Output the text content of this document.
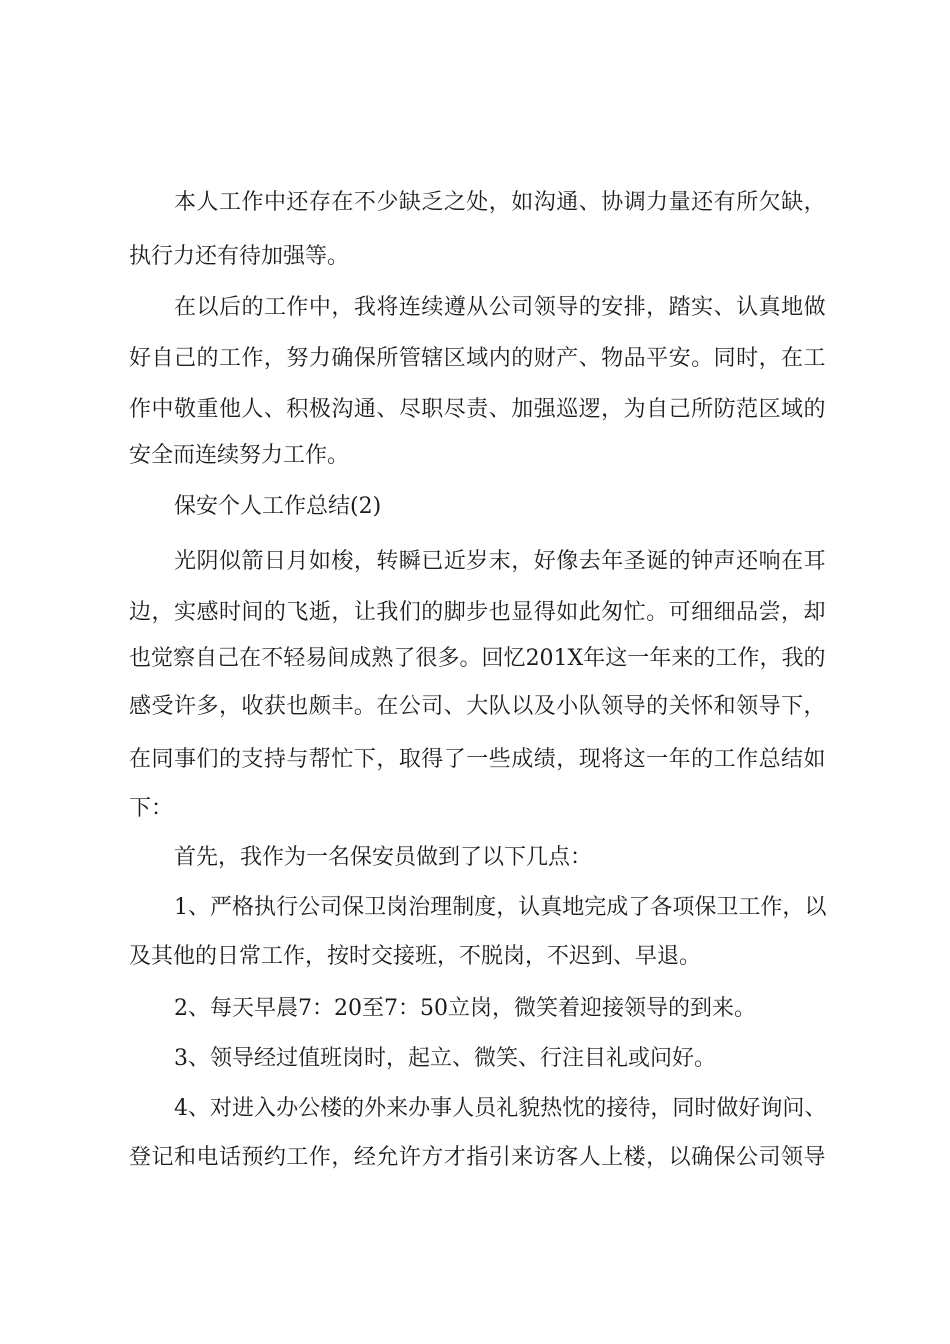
本 人 工 作 中 还 存 在 不 少 缺 乏 之 处 ， 如 沟 通 、 协 调 力 量 还 有 所 欠 缺 ，
执行力还有待加强等。
在 以 后 的 工 作 中 ， 我 将 连 续 遵 从 公 司 领 导 的 安 排 ， 踏 实 、 认 真 地 做
好 自 己 的 工 作 ， 努 力 确 保 所 管 辖 区 域 内 的 财 产 、 物 品 平 安 。 同 时 ， 在 工
作 中 敬 重 他 人 、 积 极 沟 通 、 尽 职 尽 责 、 加 强 巡 逻 ， 为 自 己 所 防 范 区 域 的
安全而连续努力工作。
保安个人工作总结(2)
光 阴 似 箭 日 月 如 梭 ， 转 瞬 已 近 岁 末 ， 好 像 去 年 圣 诞 的 钟 声 还 响 在 耳
边 ， 实 感 时 间 的 飞 逝 ， 让 我 们 的 脚 步 也 显 得 如 此 匆 忙 。 可 细 细 品 尝 ， 却
也 觉 察 自 己 在 不 轻 易 间 成 熟 了 很 多 。 回 忆 201X 年 这 一 年 来 的 工 作 ， 我 的
感 受 许 多 ， 收 获 也 颇 丰 。 在 公 司 、 大 队 以 及 小 队 领 导 的 关 怀 和 领 导 下 ，
在 同 事 们 的 支 持 与 帮 忙 下 ， 取 得 了 一 些 成 绩 ， 现 将 这 一 年 的 工 作 总 结 如
下：
首先，我作为一名保安员做到了以下几点：
1 、 严 格 执 行 公 司 保 卫 岗 治 理 制 度 ， 认 真 地 完 成 了 各 项 保 卫 工 作 ， 以
及其他的日常工作，按时交接班，不脱岗，不迟到、早退。
2、每天早晨7：20至7：50立岗，微笑着迎接领导的到来。
3、领导经过值班岗时，起立、微笑、行注目礼或问好。
4 、 对 进 入 办 公 楼 的 外 来 办 事 人 员 礼 貌 热 忱 的 接 待 ， 同 时 做 好 询 问 、
登 记 和 电 话 预 约 工 作 ， 经 允 许 方 才 指 引 来 访 客 人 上 楼 ， 以 确 保 公 司 领 导
